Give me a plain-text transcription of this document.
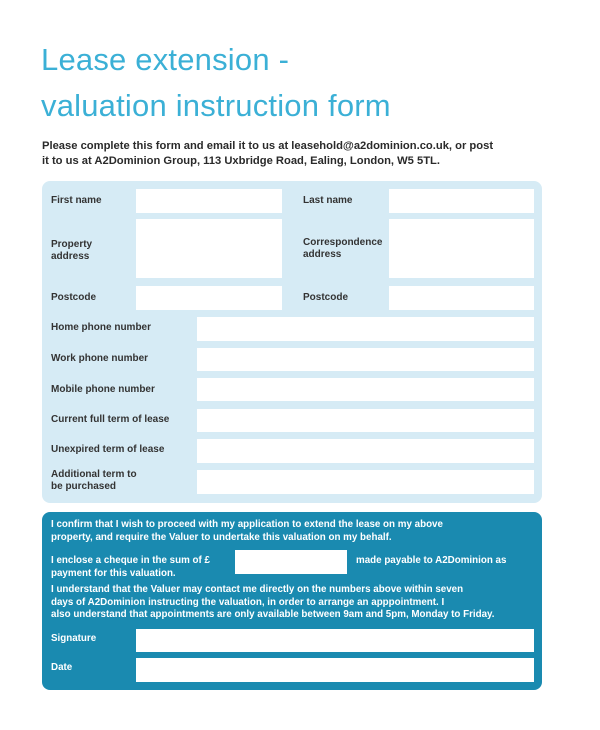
Lease extension -
valuation instruction form
Please complete this form and email it to us at leasehold@a2dominion.co.uk, or post
it to us at A2Dominion Group, 113 Uxbridge Road, Ealing, London, W5 5TL.
First name	Last name
Property
address
Correspondence
address
Postcode	Postcode
Home phone number
Work phone number
Mobile phone number
Current full term of lease
Unexpired term of lease
Additional term to
be purchased
I confirm that I wish to proceed with my application to extend the lease on my above
property, and require the Valuer to undertake this valuation on my behalf.
I enclose a cheque in the sum of £
payment for this valuation.
made payable to A2Dominion as
I understand that the Valuer may contact me directly on the numbers above within seven
days of A2Dominion instructing the valuation, in order to arrange an apppointment. I
also understand that appointments are only available between 9am and 5pm, Monday to Friday.
Signature
Date
